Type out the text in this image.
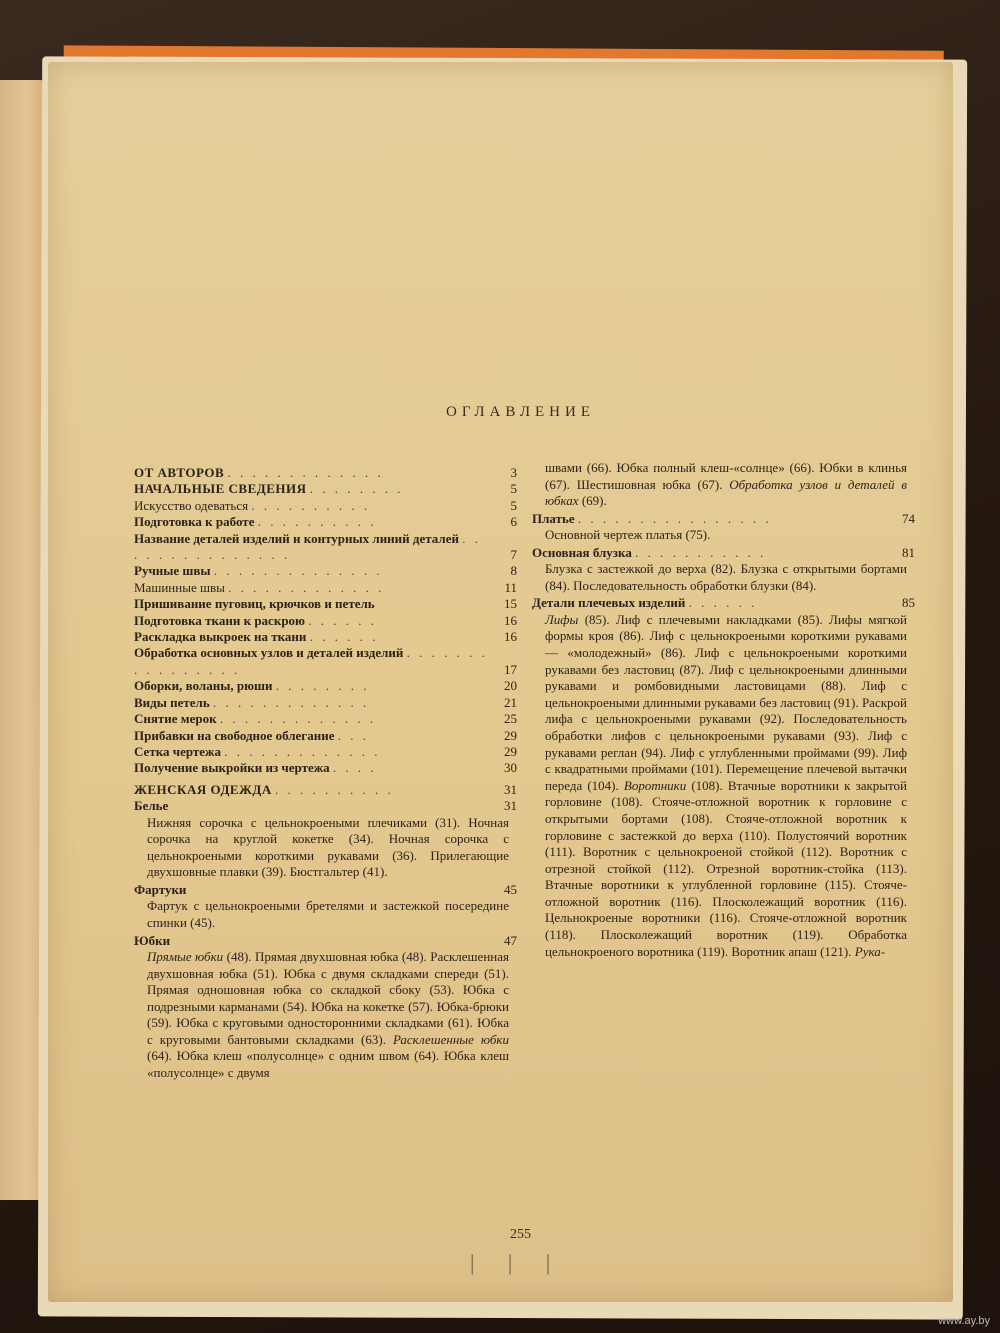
ОГЛАВЛЕНИЕ
ОТ АВТОРОВ . . . . . . . . . . . . .	3
НАЧАЛЬНЫЕ СВЕДЕНИЯ . . . . . . . .	5
Искусство одеваться . . . . . . . . . .	5
Подготовка к работе . . . . . . . . . .	6
Название деталей изделий и контурных линий деталей . . . . . . . . . . . . . . .	7
Ручные швы . . . . . . . . . . . . . .	8
Машинные швы . . . . . . . . . . . . .	11
Пришивание пуговиц, крючков и петель	15
Подготовка ткани к раскрою . . . . . .	16
Раскладка выкроек на ткани . . . . . .	16
Обработка основных узлов и деталей изделий . . . . . . . . . . . . . . . .	17
Оборки, воланы, рюши . . . . . . . .	20
Виды петель . . . . . . . . . . . . .	21
Снятие мерок . . . . . . . . . . . . .	25
Прибавки на свободное облегание . . .	29
Сетка чертежа . . . . . . . . . . . . .	29
Получение выкройки из чертежа . . . .	30
ЖЕНСКАЯ ОДЕЖДА . . . . . . . . . .	31
Белье	31

Нижняя сорочка с цельнокроеными плечиками (31). Ночная сорочка на круглой кокетке (34). Ночная сорочка с цельнокроеными короткими рукавами (36). Прилегающие двухшовные плавки (39). Бюстгальтер (41).

Фартуки	45

Фартук с цельнокроеными бретелями и застежкой посередине спинки (45).

Юбки	47

Прямые юбки (48). Прямая двухшовная юбка (48). Расклешенная двухшовная юбка (51). Юбка с двумя складками спереди (51). Прямая одношовная юбка со складкой сбоку (53). Юбка с подрезными карманами (54). Юбка на кокетке (57). Юбка-брюки (59). Юбка с круговыми односторонними складками (61). Юбка с круговыми бантовыми складками (63). Расклешенные юбки (64). Юбка клеш «полусолнце» с одним швом (64). Юбка клеш «полусолнце» с двумя

швами (66). Юбка полный клеш-«солнце» (66). Юбки в клинья (67). Шестишовная юбка (67). Обработка узлов и деталей в юбках (69).

Платье . . . . . . . . . . . . . . . .	74

Основной чертеж платья (75).

Основная блузка . . . . . . . . . . .	81

Блузка с застежкой до верха (82). Блузка с открытыми бортами (84). Последовательность обработки блузки (84).

Детали плечевых изделий . . . . . .	85

Лифы (85). Лиф с плечевыми накладками (85). Лифы мягкой формы кроя (86). Лиф с цельнокроеными короткими рукавами — «молодежный» (86). Лиф с цельнокроеными короткими рукавами без ластовиц (87). Лиф с цельнокроеными длинными рукавами и ромбовидными ластовицами (88). Лиф с цельнокроеными длинными рукавами без ластовиц (91). Раскрой лифа с цельнокроеными рукавами (92). Последовательность обработки лифов с цельнокроеными рукавами (93). Лиф с рукавами реглан (94). Лиф с углубленными проймами (99). Лиф с квадратными проймами (101). Перемещение плечевой вытачки переда (104). Воротники (108). Втачные воротники к закрытой горловине (108). Стояче-отложной воротник к горловине с открытыми бортами (108). Стояче-отложной воротник к горловине с застежкой до верха (110). Полустоячий воротник (111). Воротник с цельнокроеной стойкой (112). Воротник с отрезной стойкой (112). Отрезной воротник-стойка (113). Втачные воротники к углубленной горловине (115). Стояче-отложной воротник (116). Плосколежащий воротник (116). Цельнокроеные воротники (116). Стояче-отложной воротник (118). Плосколежащий воротник (119). Обработка цельнокроеного воротника (119). Воротник апаш (121). Рука-

255
| | |
www.ay.by
